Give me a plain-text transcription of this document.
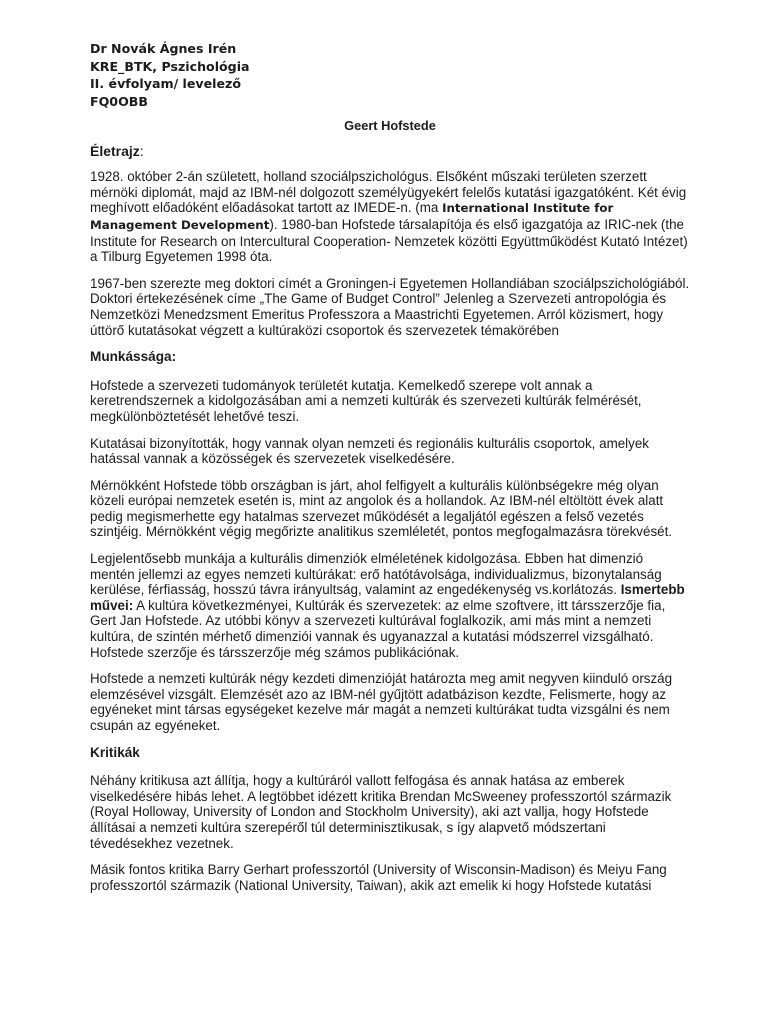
Dr Novák Ágnes Irén
KRE_BTK, Pszichológia
II. évfolyam/ levelező
FQ0OBB
Geert Hofstede
Életrajz:

1928. október 2-án született, holland szociálpszichológus. Elsőként műszaki területen szerzett mérnöki diplomát, majd az IBM-nél dolgozott személyügyekért felelős kutatási igazgatóként. Két évig meghívott előadóként előadásokat tartott az IMEDE-n. (ma International Institute for Management Development). 1980-ban Hofstede társalapítója és első igazgatója az IRIC-nek (the Institute for Research on Intercultural Cooperation- Nemzetek közötti Együttműködést Kutató Intézet) a Tilburg Egyetemen 1998 óta.

1967-ben szerezte meg doktori címét a Groningen-i Egyetemen Hollandiában szociálpszichológiából. Doktori értekezésének címe „The Game of Budget Control” Jelenleg a Szervezeti antropológia és Nemzetközi Menedzsment Emeritus Professzora a Maastrichti Egyetemen. Arról közismert, hogy úttörő kutatásokat végzett a kultúraközi csoportok és szervezetek témakörében

Munkássága:

Hofstede a szervezeti tudományok területét kutatja. Kemelkedő szerepe volt annak a keretrendszernek a kidolgozásában ami a nemzeti kultúrák és szervezeti kultúrák felmérését, megkülönböztetését lehetővé teszi.

Kutatásai bizonyították, hogy vannak olyan nemzeti és regionális kulturális csoportok, amelyek hatással vannak a közösségek és szervezetek viselkedésére.

Mérnökként Hofstede több országban is járt, ahol felfigyelt a kulturális különbségekre még olyan közeli európai nemzetek esetén is, mint az angolok és a hollandok. Az IBM-nél eltöltött évek alatt pedig megismerhette egy hatalmas szervezet működését a legaljától egészen a felső vezetés szintjéig. Mérnökként végig megőrizte analitikus szemléletét, pontos megfogalmazásra törekvését.

Legjelentősebb munkája a kulturális dimenziók elméletének kidolgozása. Ebben hat dimenzió mentén jellemzi az egyes nemzeti kultúrákat: erő hatótávolsága, individualizmus, bizonytalanság kerülése, férfiasság, hosszú távra irányultság, valamint az engedékenység vs.korlátozás. Ismertebb művei: A kultúra következményei, Kultúrák és szervezetek: az elme szoftvere, itt társszerzője fia, Gert Jan Hofstede. Az utóbbi könyv a szervezeti kultúrával foglalkozik, ami más mint a nemzeti kultúra, de szintén mérhető dimenziói vannak és ugyanazzal a kutatási módszerrel vizsgálható. Hofstede szerzője és társszerzője még számos publikációnak.

Hofstede a nemzeti kultúrák négy kezdeti dimenzióját határozta meg amit negyven kiinduló ország elemzésével vizsgált. Elemzését azo az IBM-nél gyűjtött adatbázison kezdte, Felismerte, hogy az egyéneket mint társas egységeket kezelve már magát a nemzeti kultúrákat tudta vizsgálni és nem csupán az egyéneket.

Kritikák

Néhány kritikusa azt állítja, hogy a kultúráról vallott felfogása és annak hatása az emberek viselkedésére hibás lehet. A legtöbbet idézett kritika Brendan McSweeney professzortól származik (Royal Holloway, University of London and Stockholm University), aki azt vallja, hogy Hofstede állításai a nemzeti kultúra szerepéről túl determinisztikusak, s így alapvető módszertani tévedésekhez vezetnek.

Másik fontos kritika Barry Gerhart professzortól (University of Wisconsin-Madison) és Meiyu Fang professzortól származik (National University, Taiwan), akik azt emelik ki hogy Hofstede kutatási
